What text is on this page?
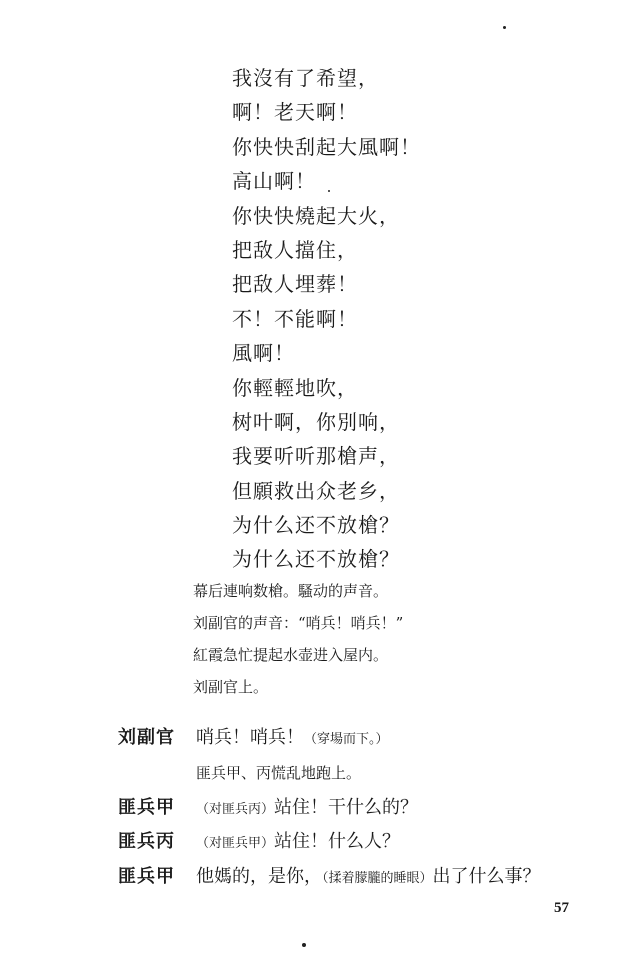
我沒有了希望，
啊！老天啊！
你快快刮起大風啊！
高山啊！
你快快燒起大火，
把敌人擋住，
把敌人埋葬！
不！不能啊！
風啊！
你輕輕地吹，
树叶啊，你別响，
我要听听那槍声，
但願救出众老乡，
为什么还不放槍？
为什么还不放槍？
幕后連响数槍。騷动的声音。
刘副官的声音：“哨兵！哨兵！”
紅霞急忙提起水壶进入屋内。
刘副官上。
刘副官 哨兵！哨兵！（穿場而下。）
匪兵甲、丙慌乱地跑上。
匪兵甲 （对匪兵丙）站住！干什么的？
匪兵丙 （对匪兵甲）站住！什么人？
匪兵甲 他媽的，是你，（揉着朦朧的睡眼）出了什么事？
57
